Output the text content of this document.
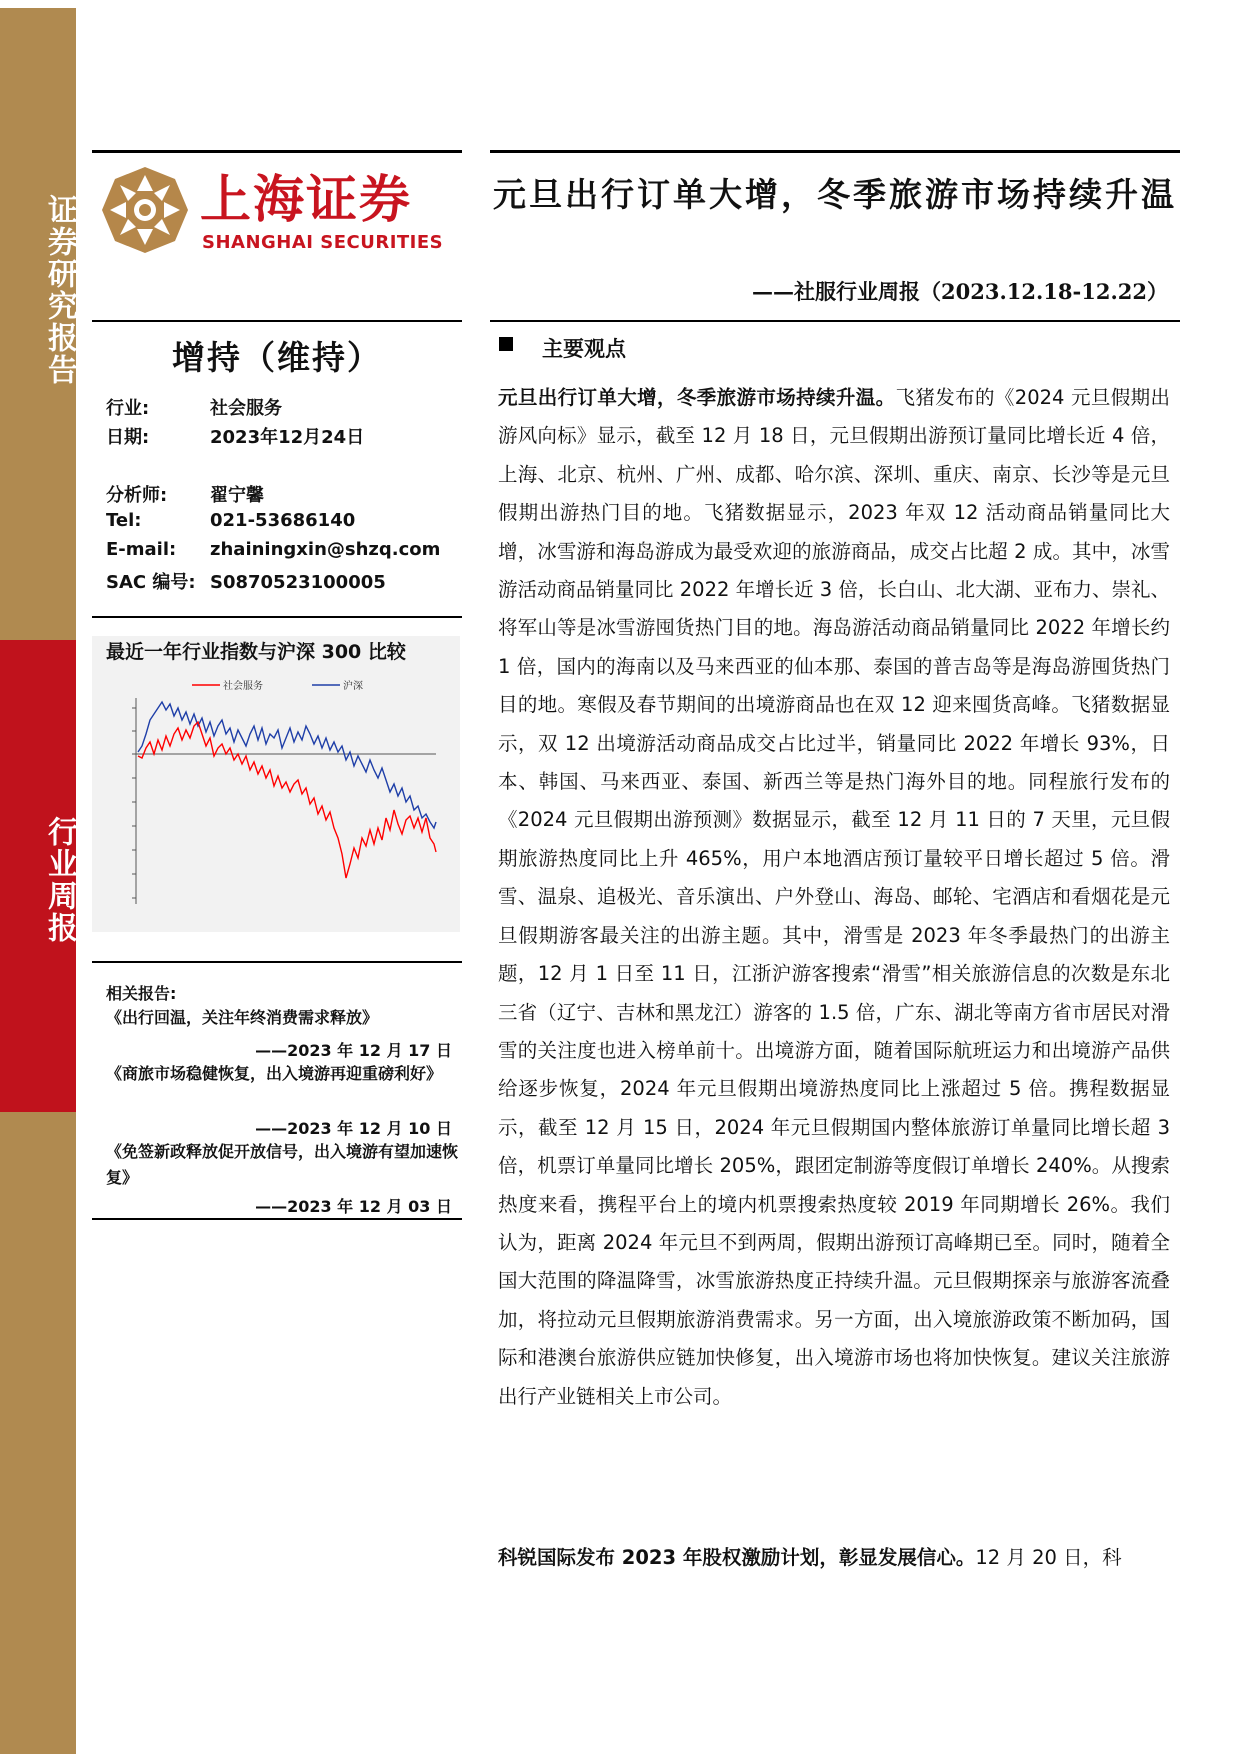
证券研究报告
行业周报
上海证券
SHANGHAI SECURITIES
元旦出行订单大增，冬季旅游市场持续升温
——社服行业周报（2023.12.18-12.22）
增持（维持）
行业:	社会服务
日期:	2023年12月24日
分析师: 翟宁馨
Tel:	021-53686140
E-mail: zhainingxin@shzq.com
SAC 编号: S0870523100005
最近一年行业指数与沪深 300 比较
社会服务	沪深
相关报告:
《出行回温，关注年终消费需求释放》
——2023 年 12 月 17 日
《商旅市场稳健恢复，出入境游再迎重磅利好》
——2023 年 12 月 10 日
《免签新政释放促开放信号，出入境游有望加速恢复》
——2023 年 12 月 03 日
主要观点
元旦出行订单大增，冬季旅游市场持续升温。飞猪发布的《2024 元旦假期出游风向标》显示，截至 12 月 18 日，元旦假期出游预订量同比增长近 4 倍，上海、北京、杭州、广州、成都、哈尔滨、深圳、重庆、南京、长沙等是元旦假期出游热门目的地。飞猪数据显示，2023 年双 12 活动商品销量同比大增，冰雪游和海岛游成为最受欢迎的旅游商品，成交占比超 2 成。其中，冰雪游活动商品销量同比 2022 年增长近 3 倍，长白山、北大湖、亚布力、崇礼、将军山等是冰雪游囤货热门目的地。海岛游活动商品销量同比 2022 年增长约 1 倍，国内的海南以及马来西亚的仙本那、泰国的普吉岛等是海岛游囤货热门目的地。寒假及春节期间的出境游商品也在双 12 迎来囤货高峰。飞猪数据显示，双 12 出境游活动商品成交占比过半，销量同比 2022 年增长 93%，日本、韩国、马来西亚、泰国、新西兰等是热门海外目的地。同程旅行发布的《2024 元旦假期出游预测》数据显示，截至 12 月 11 日的 7 天里，元旦假期旅游热度同比上升 465%，用户本地酒店预订量较平日增长超过 5 倍。滑雪、温泉、追极光、音乐演出、户外登山、海岛、邮轮、宅酒店和看烟花是元旦假期游客最关注的出游主题。其中，滑雪是 2023 年冬季最热门的出游主题，12 月 1 日至 11 日，江浙沪游客搜索“滑雪”相关旅游信息的次数是东北三省（辽宁、吉林和黑龙江）游客的 1.5 倍，广东、湖北等南方省市居民对滑雪的关注度也进入榜单前十。出境游方面，随着国际航班运力和出境游产品供给逐步恢复，2024 年元旦假期出境游热度同比上涨超过 5 倍。携程数据显示，截至 12 月 15 日，2024 年元旦假期国内整体旅游订单量同比增长超 3 倍，机票订单量同比增长 205%，跟团定制游等度假订单增长 240%。从搜索热度来看，携程平台上的境内机票搜索热度较 2019 年同期增长 26%。我们认为，距离 2024 年元旦不到两周，假期出游预订高峰期已至。同时，随着全国大范围的降温降雪，冰雪旅游热度正持续升温。元旦假期探亲与旅游客流叠加，将拉动元旦假期旅游消费需求。另一方面，出入境旅游政策不断加码，国际和港澳台旅游供应链加快修复，出入境游市场也将加快恢复。建议关注旅游出行产业链相关上市公司。
科锐国际发布 2023 年股权激励计划，彰显发展信心。12 月 20 日，科
